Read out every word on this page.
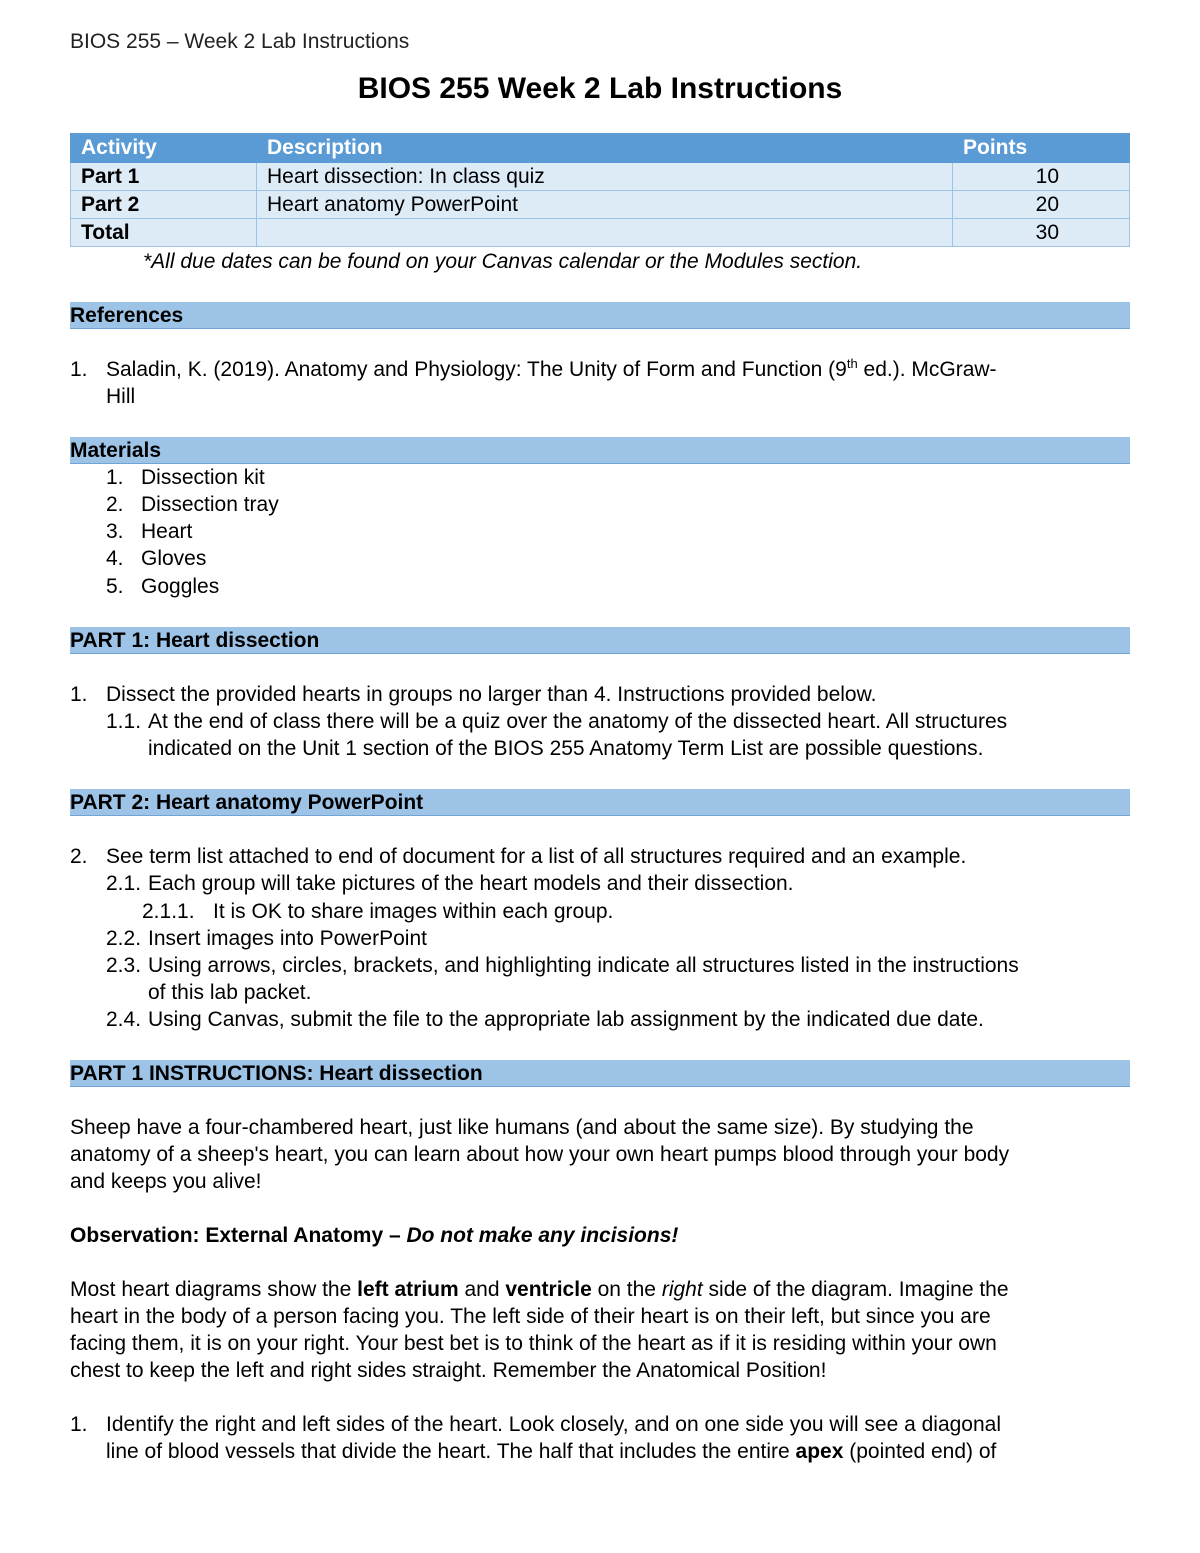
BIOS 255 – Week 2 Lab Instructions
BIOS 255 Week 2 Lab Instructions
Activity	Description	Points
Part 1	Heart dissection: In class quiz	10
Part 2	Heart anatomy PowerPoint	20
Total		30
*All due dates can be found on your Canvas calendar or the Modules section.
References
1. Saladin, K. (2019). Anatomy and Physiology: The Unity of Form and Function (9th ed.). McGraw-
Hill
Materials
1. Dissection kit
2. Dissection tray
3. Heart
4. Gloves
5. Goggles
PART 1: Heart dissection
1. Dissect the provided hearts in groups no larger than 4. Instructions provided below.
1.1. At the end of class there will be a quiz over the anatomy of the dissected heart. All structures
indicated on the Unit 1 section of the BIOS 255 Anatomy Term List are possible questions.
PART 2: Heart anatomy PowerPoint
2. See term list attached to end of document for a list of all structures required and an example.
2.1. Each group will take pictures of the heart models and their dissection.
2.1.1. It is OK to share images within each group.
2.2. Insert images into PowerPoint
2.3. Using arrows, circles, brackets, and highlighting indicate all structures listed in the instructions
of this lab packet.
2.4. Using Canvas, submit the file to the appropriate lab assignment by the indicated due date.
PART 1 INSTRUCTIONS: Heart dissection
Sheep have a four-chambered heart, just like humans (and about the same size). By studying the
anatomy of a sheep's heart, you can learn about how your own heart pumps blood through your body
and keeps you alive!
Observation: External Anatomy – Do not make any incisions!
Most heart diagrams show the left atrium and ventricle on the right side of the diagram. Imagine the
heart in the body of a person facing you. The left side of their heart is on their left, but since you are
facing them, it is on your right. Your best bet is to think of the heart as if it is residing within your own
chest to keep the left and right sides straight. Remember the Anatomical Position!
1. Identify the right and left sides of the heart. Look closely, and on one side you will see a diagonal
line of blood vessels that divide the heart. The half that includes the entire apex (pointed end) of
